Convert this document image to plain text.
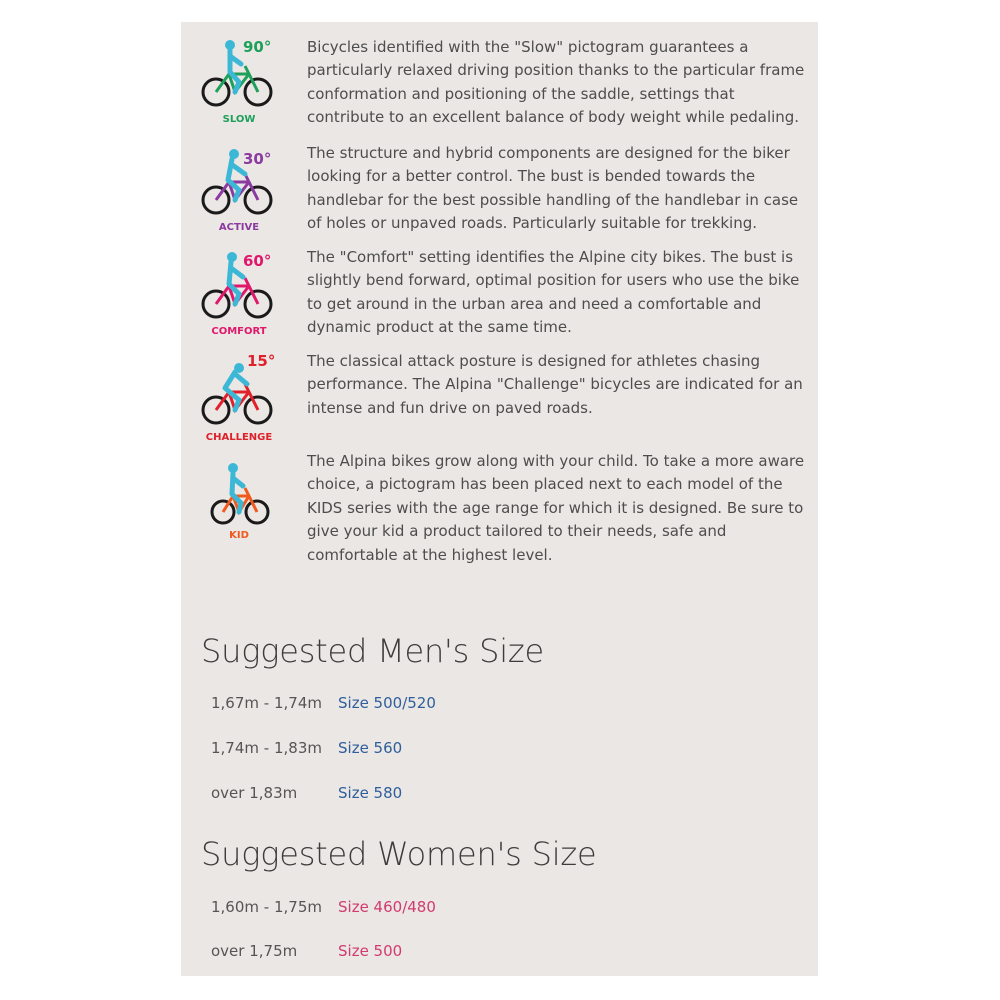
90°
SLOW

Bicycles identified with the "Slow" pictogram guarantees a particularly relaxed driving position thanks to the particular frame conformation and positioning of the saddle, settings that contribute to an excellent balance of body weight while pedaling.

30°
ACTIVE

The structure and hybrid components are designed for the biker looking for a better control. The bust is bended towards the handlebar for the best possible handling of the handlebar in case of holes or unpaved roads. Particularly suitable for trekking.

60°
COMFORT

The "Comfort" setting identifies the Alpine city bikes. The bust is slightly bend forward, optimal position for users who use the bike to get around in the urban area and need a comfortable and dynamic product at the same time.

15°
CHALLENGE

The classical attack posture is designed for athletes chasing performance. The Alpina "Challenge" bicycles are indicated for an intense and fun drive on paved roads.

KID

The Alpina bikes grow along with your child. To take a more aware choice, a pictogram has been placed next to each model of the KIDS series with the age range for which it is designed. Be sure to give your kid a product tailored to their needs, safe and comfortable at the highest level.

Suggested Men's Size
1,67m - 1,74m Size 500/520
1,74m - 1,83m Size 560
over 1,83m	Size 580
Suggested Women's Size
1,60m - 1,75m Size 460/480
over 1,75m	Size 500
